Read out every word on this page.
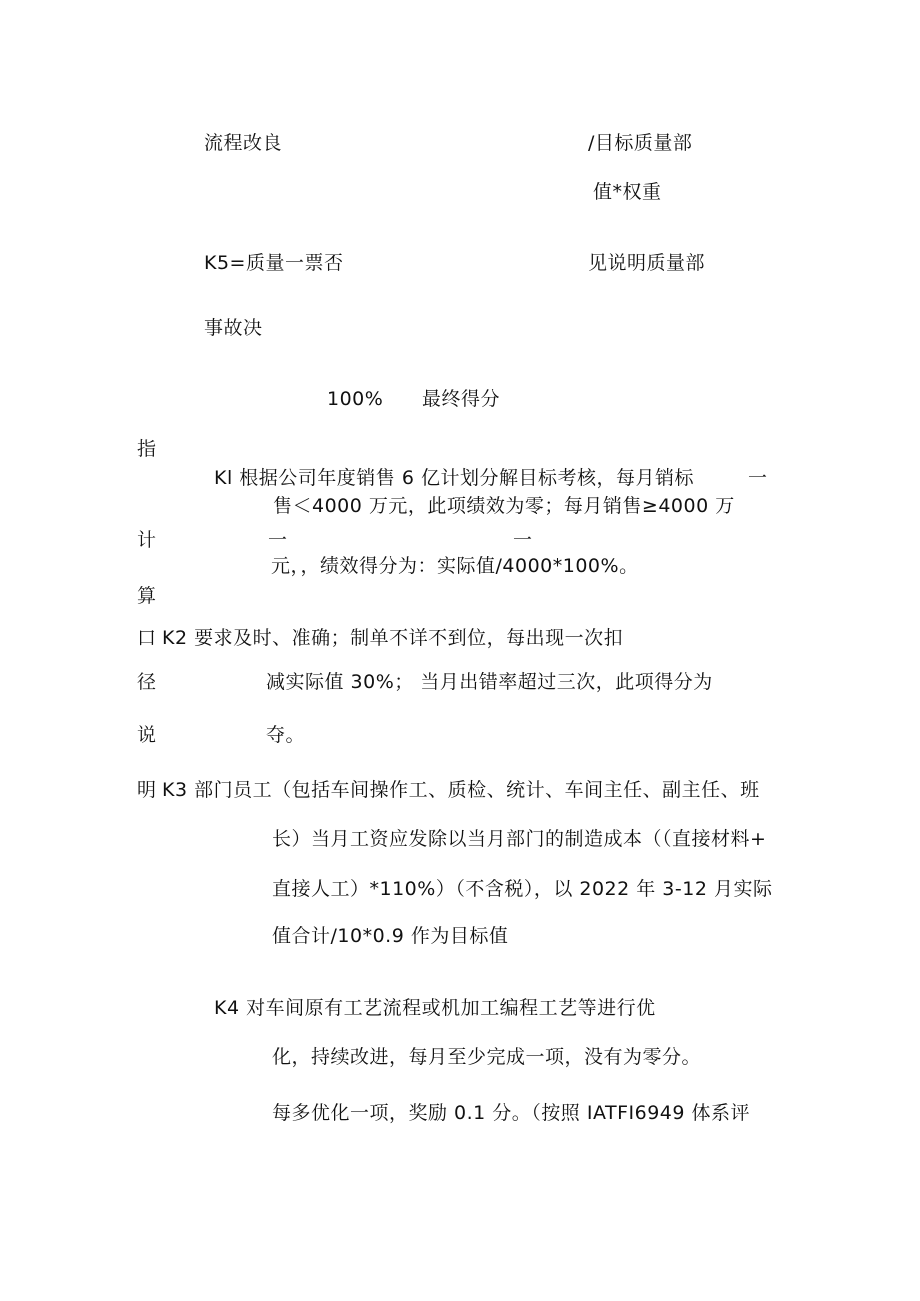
流程改良	/目标质量部
值*权重
K5=质量一票否	见说明质量部
事故决
100% 最终得分
指
计
算
口
径
说
明
Kl 根据公司年度销售 6 亿计划分解目标考核，每月销标	一
售＜4000 万元，此项绩效为零；每月销售≥4000 万
一	一
元，，绩效得分为：实际值/4000*100%。
K2 要求及时、准确；制单不详不到位，每出现一次扣
减实际值 30%； 当月出错率超过三次，此项得分为
夺。
K3 部门员工（包括车间操作工、质检、统计、车间主任、副主任、班
长）当月工资应发除以当月部门的制造成本（（直接材料+
直接人工）*110%）（不含税），以 2022 年 3-12 月实际
值合计/10*0.9 作为目标值
K4 对车间原有工艺流程或机加工编程工艺等进行优
化，持续改进，每月至少完成一项，没有为零分。
每多优化一项，奖励 0.1 分。（按照 IATFI6949 体系评
